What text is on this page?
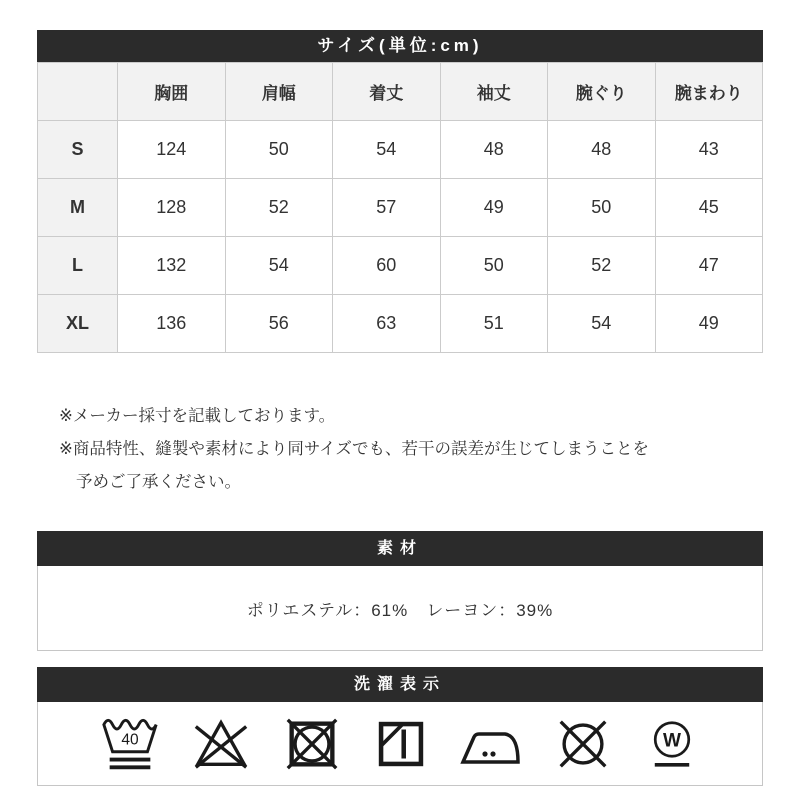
サイズ(単位:cm)
	胸囲	肩幅	着丈	袖丈	腕ぐり	腕まわり
S	124	50	54	48	48	43
M	128	52	57	49	50	45
L	132	54	60	50	52	47
XL	136	56	63	51	54	49
※メーカー採寸を記載しております。
※商品特性、縫製や素材により同サイズでも、若干の誤差が生じてしまうことを
予めご了承ください。
素材
ポリエステル：61%　レーヨン：39%
洗濯表示
40	W
